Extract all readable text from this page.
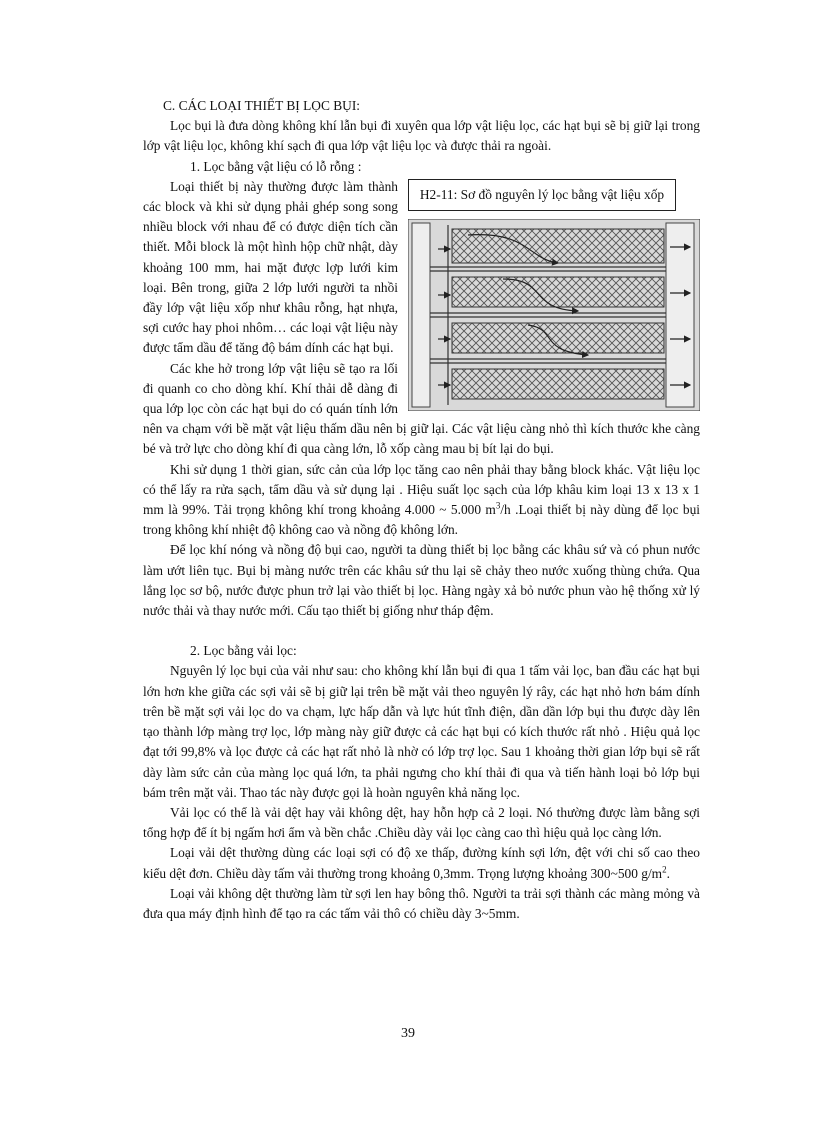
C. CÁC LOẠI THIẾT BỊ LỌC BỤI:

Lọc bụi là đưa dòng không khí lẫn bụi đi xuyên qua lớp vật liệu lọc, các hạt bụi sẽ bị giữ lại trong lớp vật liệu lọc, không khí sạch đi qua lớp vật liệu lọc và được thải ra ngoài.

1. Lọc bằng vật liệu có lỗ rỗng :

H2-11: Sơ đồ nguyên lý lọc bằng vật liệu xốp

Loại thiết bị này thường được làm thành các block và khi sử dụng phải ghép song song nhiều block với nhau để có được diện tích cần thiết. Mỗi block là một hình hộp chữ nhật, dày khoảng 100 mm, hai mặt được lợp lưới kim loại. Bên trong, giữa 2 lớp lưới người ta nhồi đầy lớp vật liệu xốp như khâu rỗng, hạt nhựa, sợi cước hay phoi nhôm… các loại vật liệu này được tẩm dầu để tăng độ bám dính các hạt bụi.

Các khe hở trong lớp vật liệu sẽ tạo ra lối đi quanh co cho dòng khí. Khí thải dễ dàng đi qua lớp lọc còn các hạt bụi do có quán tính lớn nên va chạm với bề mặt vật liệu thấm dầu nên bị giữ lại. Các vật liệu càng nhỏ thì kích thước khe càng bé và trở lực cho dòng khí đi qua càng lớn, lỗ xốp càng mau bị bít lại do bụi.

Khi sử dụng 1 thời gian, sức cản của lớp lọc tăng cao nên phải thay bằng block khác. Vật liệu lọc có thể lấy ra rửa sạch, tẩm dầu và sử dụng lại . Hiệu suất lọc sạch của lớp khâu kim loại 13 x 13 x 1 mm là 99%. Tải trọng không khí trong khoảng 4.000 ~ 5.000 $m^3/h$ .Loại thiết bị này dùng để lọc bụi trong không khí nhiệt độ không cao và nồng độ không lớn.

Để lọc khí nóng và nồng độ bụi cao, người ta dùng thiết bị lọc bằng các khâu sứ và có phun nước làm ướt liên tục. Bụi bị màng nước trên các khâu sứ thu lại sẽ chảy theo nước xuống thùng chứa. Qua lắng lọc sơ bộ, nước được phun trở lại vào thiết bị lọc. Hàng ngày xả bỏ nước phun vào hệ thống xử lý nước thải và thay nước mới. Cấu tạo thiết bị giống như tháp đệm.

2. Lọc bằng vải lọc:

Nguyên lý lọc bụi của vải như sau: cho không khí lẫn bụi đi qua 1 tấm vải lọc, ban đầu các hạt bụi lớn hơn khe giữa các sợi vải sẽ bị giữ lại trên bề mặt vải theo nguyên lý rây, các hạt nhỏ hơn bám dính trên bề mặt sợi vải lọc do va chạm, lực hấp dẫn và lực hút tĩnh điện, dần dần lớp bụi thu được dày lên tạo thành lớp màng trợ lọc, lớp màng này giữ được cả các hạt bụi có kích thước rất nhỏ . Hiệu quả lọc đạt tới 99,8% và lọc được cả các hạt rất nhỏ là nhờ có lớp trợ lọc. Sau 1 khoảng thời gian lớp bụi sẽ rất dày làm sức cản của màng lọc quá lớn, ta phải ngưng cho khí thải đi qua và tiến hành loại bỏ lớp bụi bám trên mặt vải. Thao tác này được gọi là hoàn nguyên khả năng lọc.

Vải lọc có thể là vải dệt hay vải không dệt, hay hỗn hợp cả 2 loại. Nó thường được làm bằng sợi tổng hợp để ít bị ngấm hơi ẩm và bền chắc .Chiều dày vải lọc càng cao thì hiệu quả lọc càng lớn.

Loại vải dệt thường dùng các loại sợi có độ xe thấp, đường kính sợi lớn, đệt với chi số cao theo kiểu dệt đơn. Chiều dày tấm vải thường trong khoảng 0,3mm. Trọng lượng khoảng 300~500 $g/m^2$.

Loại vải không dệt thường làm từ sợi len hay bông thô. Người ta trải sợi thành các màng mỏng và đưa qua máy định hình để tạo ra các tấm vải thô có chiều dày 3~5mm.

39
